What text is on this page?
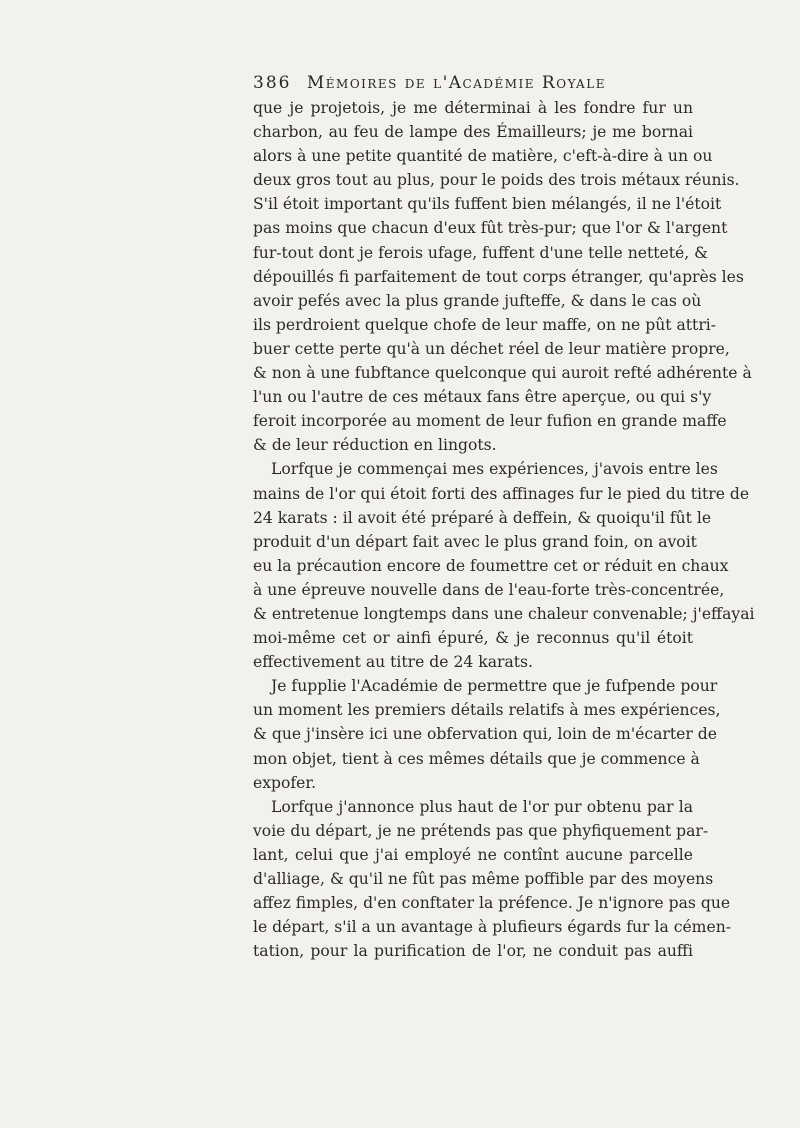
386 Mémoires de l'Académie Royale
que je projetois, je me déterminai à les fondre fur un
charbon, au feu de lampe des Émailleurs; je me bornai
alors à une petite quantité de matière, c'eft-à-dire à un ou
deux gros tout au plus, pour le poids des trois métaux réunis.
S'il étoit important qu'ils fuffent bien mélangés, il ne l'étoit
pas moins que chacun d'eux fût très-pur; que l'or & l'argent
fur-tout dont je ferois ufage, fuffent d'une telle netteté, &
dépouillés fi parfaitement de tout corps étranger, qu'après les
avoir pefés avec la plus grande jufteffe, & dans le cas où
ils perdroient quelque chofe de leur maffe, on ne pût attri-
buer cette perte qu'à un déchet réel de leur matière propre,
& non à une fubftance quelconque qui auroit refté adhérente à
l'un ou l'autre de ces métaux fans être aperçue, ou qui s'y
feroit incorporée au moment de leur fufion en grande maffe
& de leur réduction en lingots.
Lorfque je commençai mes expériences, j'avois entre les
mains de l'or qui étoit forti des affinages fur le pied du titre de
24 karats : il avoit été préparé à deffein, & quoiqu'il fût le
produit d'un départ fait avec le plus grand foin, on avoit
eu la précaution encore de foumettre cet or réduit en chaux
à une épreuve nouvelle dans de l'eau-forte très-concentrée,
& entretenue longtemps dans une chaleur convenable; j'effayai
moi-même cet or ainfi épuré, & je reconnus qu'il étoit
effectivement au titre de 24 karats.
Je fupplie l'Académie de permettre que je fufpende pour
un moment les premiers détails relatifs à mes expériences,
& que j'insère ici une obfervation qui, loin de m'écarter de
mon objet, tient à ces mêmes détails que je commence à
expofer.
Lorfque j'annonce plus haut de l'or pur obtenu par la
voie du départ, je ne prétends pas que phyfiquement par-
lant, celui que j'ai employé ne contînt aucune parcelle
d'alliage, & qu'il ne fût pas même poffible par des moyens
affez fimples, d'en conftater la préfence. Je n'ignore pas que
le départ, s'il a un avantage à plufieurs égards fur la cémen-
tation, pour la purification de l'or, ne conduit pas auffi
